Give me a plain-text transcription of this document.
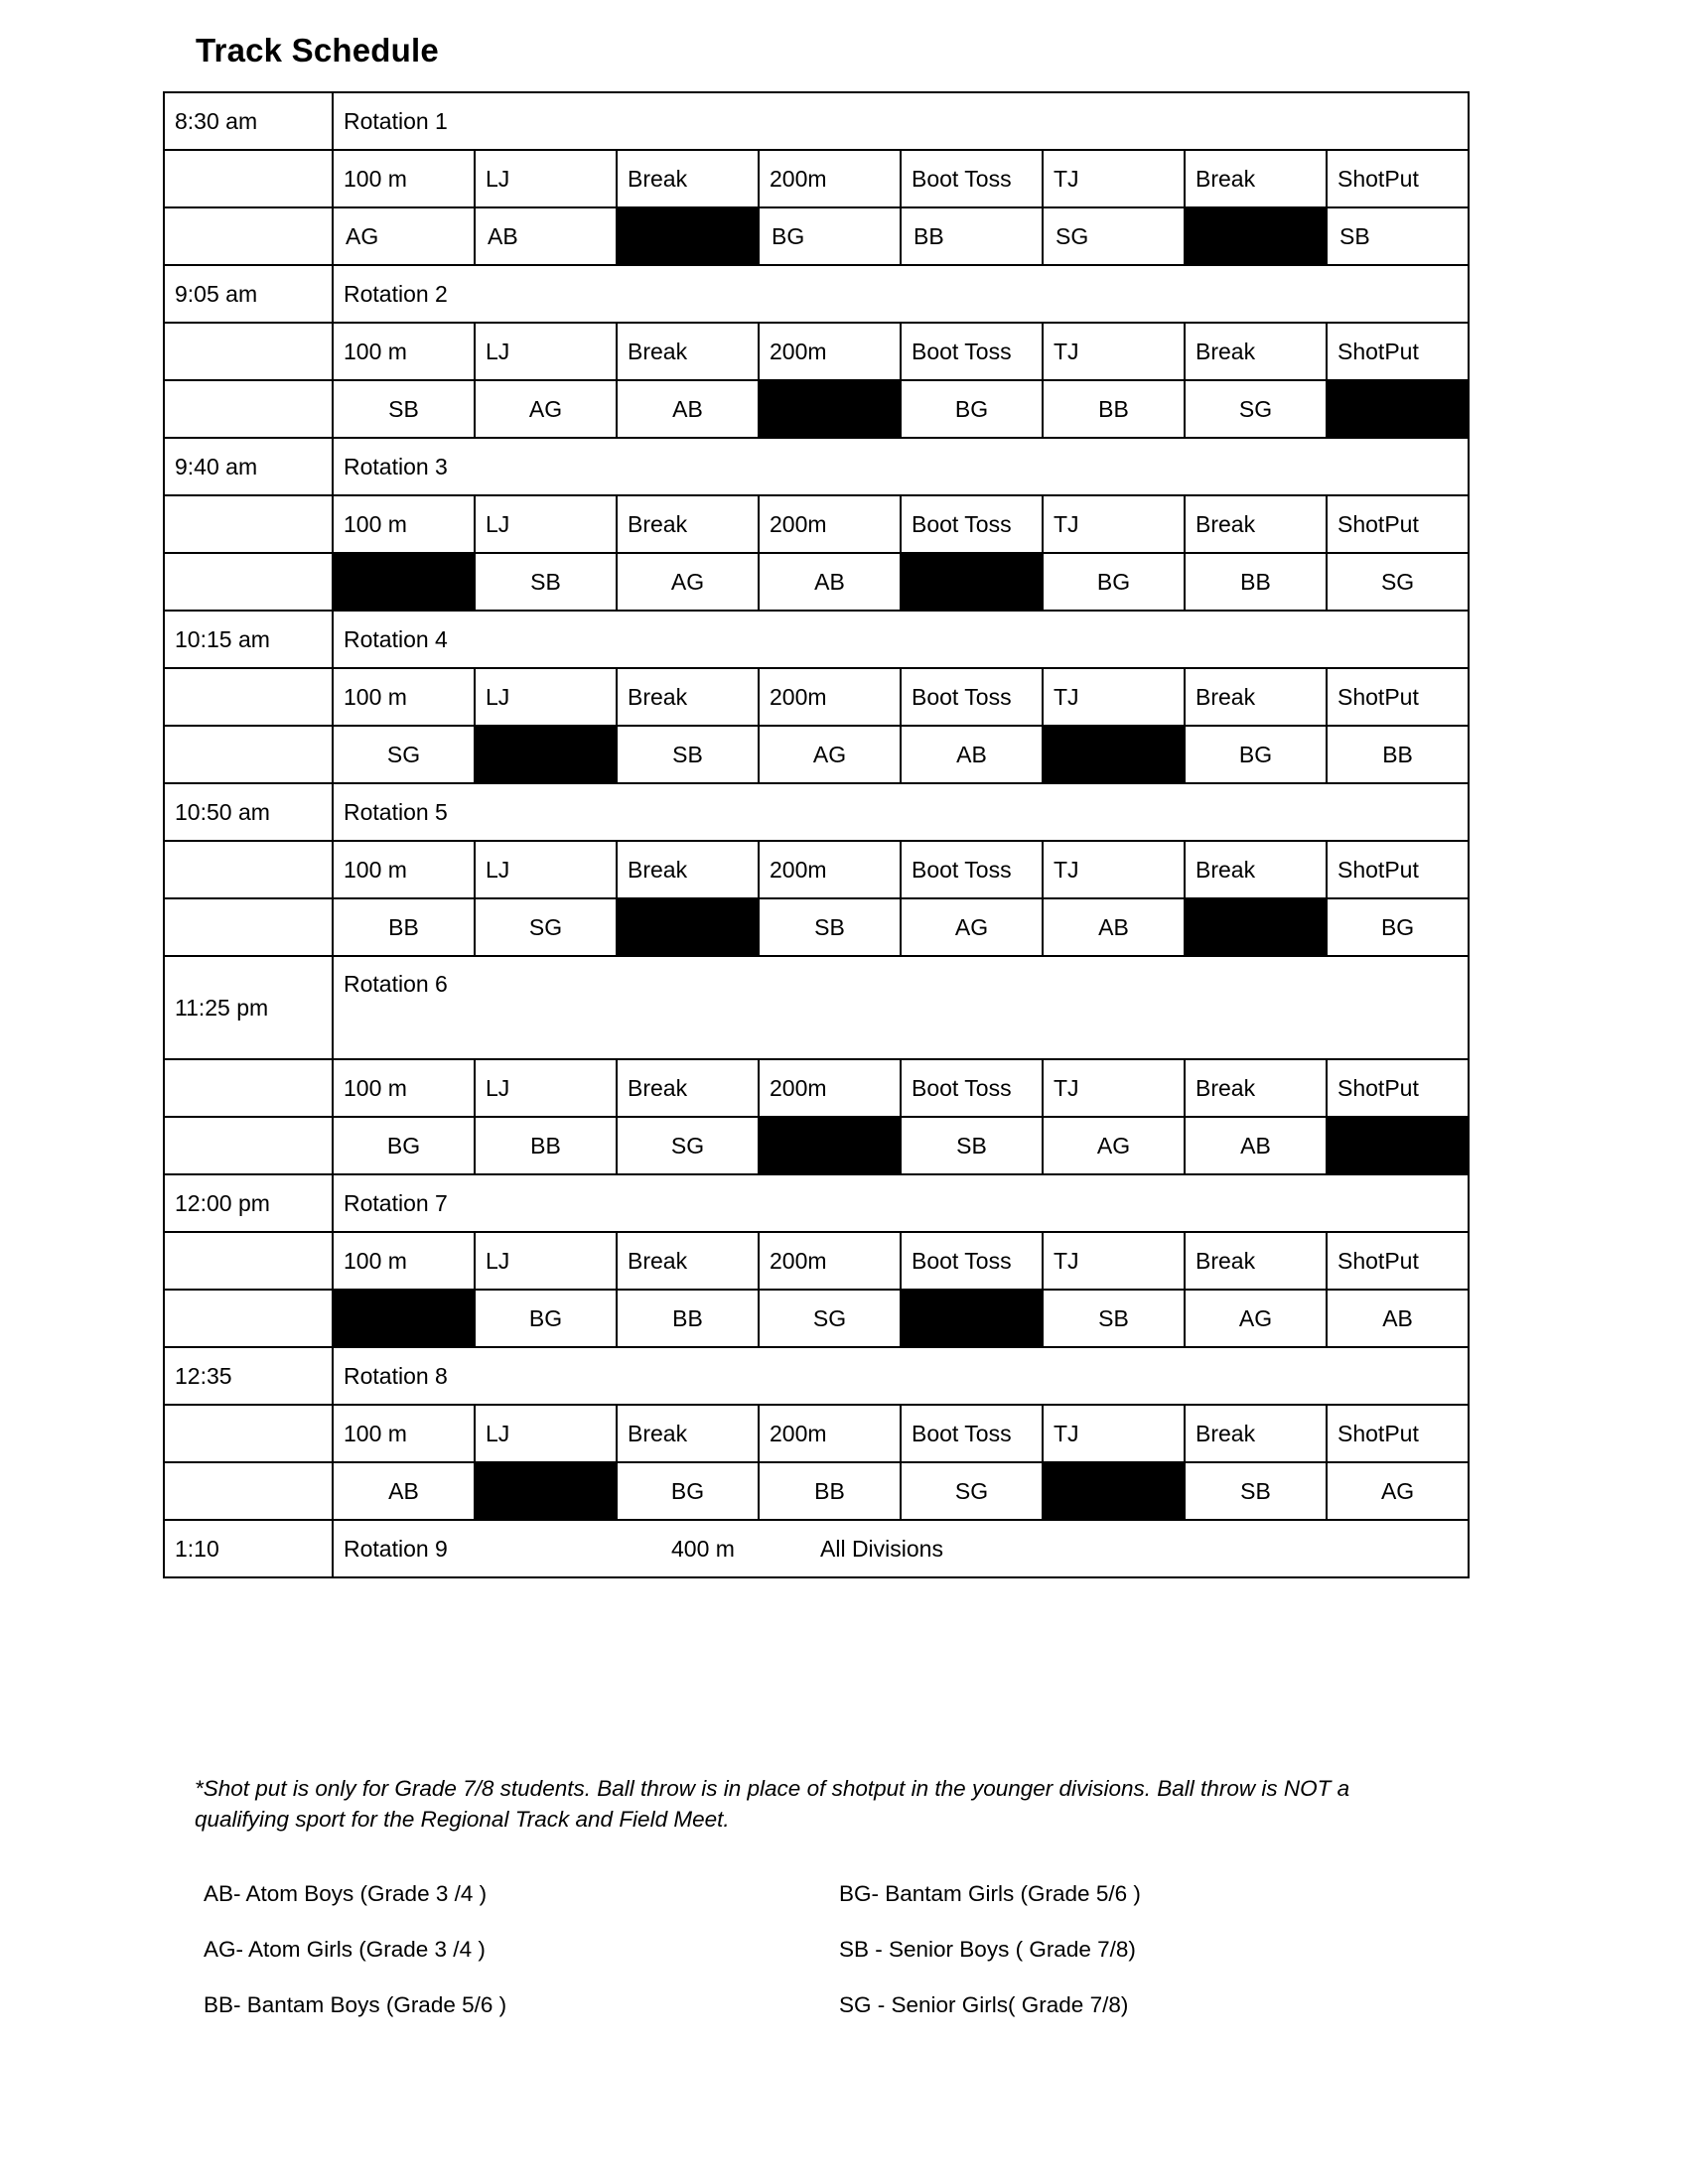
Track Schedule
8:30 am	Rotation 1							
	100 m	LJ	Break	200m	Boot Toss	TJ	Break	ShotPut
	AG	AB		BG	BB	SG		SB
9:05 am	Rotation 2							
	100 m	LJ	Break	200m	Boot Toss	TJ	Break	ShotPut
	SB	AG	AB		BG	BB	SG	
9:40 am	Rotation 3							
	100 m	LJ	Break	200m	Boot Toss	TJ	Break	ShotPut
		SB	AG	AB		BG	BB	SG
10:15 am	Rotation 4							
	100 m	LJ	Break	200m	Boot Toss	TJ	Break	ShotPut
	SG		SB	AG	AB		BG	BB
10:50 am	Rotation 5							
	100 m	LJ	Break	200m	Boot Toss	TJ	Break	ShotPut
	BB	SG		SB	AG	AB		BG
11:25 pm	Rotation 6							
	100 m	LJ	Break	200m	Boot Toss	TJ	Break	ShotPut
	BG	BB	SG		SB	AG	AB	
12:00 pm	Rotation 7							
	100 m	LJ	Break	200m	Boot Toss	TJ	Break	ShotPut
		BG	BB	SG		SB	AG	AB
12:35	Rotation 8							
	100 m	LJ	Break	200m	Boot Toss	TJ	Break	ShotPut
	AB		BG	BB	SG		SB	AG
1:10	Rotation 9 400 m All Divisions							
*Shot put is only for Grade 7/8 students. Ball throw is in place of shotput in the younger divisions. Ball throw is NOT a qualifying sport for the Regional Track and Field Meet.
AB- Atom Boys (Grade 3 /4 )	BG- Bantam Girls (Grade 5/6 )
AG- Atom Girls (Grade 3 /4 )	SB - Senior Boys ( Grade 7/8)
BB- Bantam Boys (Grade 5/6 )	SG - Senior Girls( Grade 7/8)
